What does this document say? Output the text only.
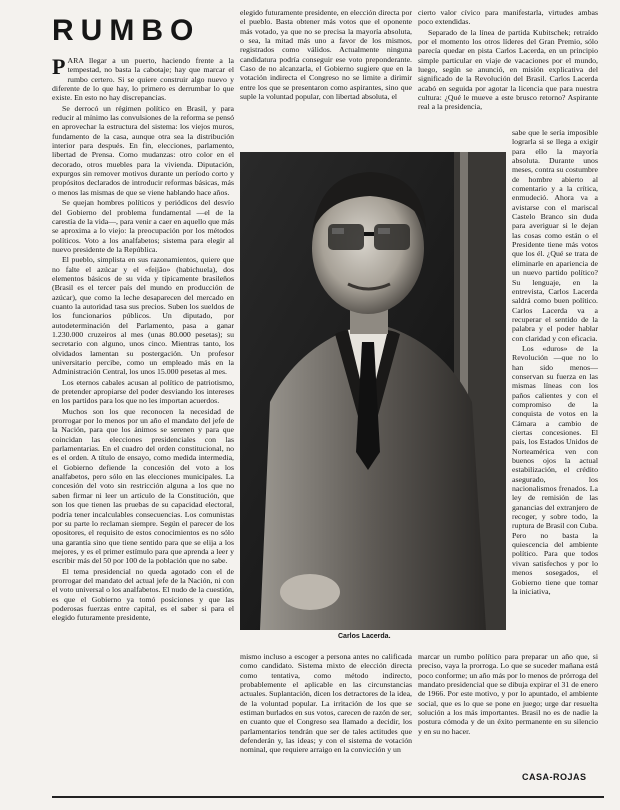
RUMBO
P ARA llegar a un puerto, haciendo frente a la tempestad, no basta la cabotaje; hay que marcar el rumbo certero. Si se quiere construir algo nuevo y diferente de lo que hay, lo primero es derrumbar lo que existe. En esto no hay discrepancias.

Se derrocó un régimen político en Brasil, y para reducir al mínimo las convulsiones de la reforma se pensó en aprovechar la estructura del sistema: los viejos muros, fundamento de la casa, aunque otra sea la distribución interior para después. En fin, elecciones, parlamento, libertad de Prensa. Como mudanzas: otro color en el decorado, otros muebles para la vivienda. Diputación, expurgos sin remover motivos durante un período corto y propósitos declarados de introducir reformas básicas, más o menos las mismas de que se viene hablando hace años.

Se quejan hombres políticos y periódicos del desvío del Gobierno del problema fundamental —el de la carestía de la vida—, para venir a caer en aquello que más se aproxima a lo viejo: la preocupación por los métodos políticos. Voto a los analfabetos; sistema para elegir al nuevo presidente de la República.

El pueblo, simplista en sus razonamientos, quiere que no falte el azúcar y el «feijão» (habichuela), dos elementos básicos de su vida y típicamente brasileños (Brasil es el tercer país del mundo en producción de azúcar), que como la leche desaparecen del mercado en cuanto la autoridad tasa sus precios. Suben los sueldos de los funcionarios públicos. Un diputado, por autodeterminación del Parlamento, pasa a ganar 1.230.000 cruzeiros al mes (unas 80.000 pesetas); su secretario con alguno, unos cinco. Mientras tanto, los olvidados lamentan su postergación. Un profesor universitario percibe, como un empleado más en la Administración Central, los unos 15.000 pesetas al mes.

Los eternos cabales acusan al político de patriotismo, de pretender apropiarse del poder desviando los intereses en los partidos para los que no les importan acuerdos.

Muchos son los que reconocen la necesidad de prorrogar por lo menos por un año el mandato del jefe de la Nación, para que los ánimos se serenen y para que coincidan las elecciones presidenciales con las parlamentarias. En el cuadro del orden constitucional, no es el orden. A título de ensayo, como medida intermedia, el Gobierno defiende la concesión del voto a los analfabetos, pero sólo en las elecciones municipales. La concesión del voto sin restricción alguna a los que no saben firmar ni leer un artículo de la Constitución, que son los que tienen las pruebas de su capacidad electoral, podría tener incalculables consecuencias. Los comunistas por su parte lo reclaman siempre. Según el parecer de los opositores, el requisito de estos conocimientos es no sólo una garantía sino que tiene sentido para que se elija a los mejores, y es el primer estímulo para que aprenda a leer y escribir más del 50 por 100 de la población que no sabe.

El tema presidencial no queda agotado con el de prorrogar del mandato del actual jefe de la Nación, ni con el voto universal o los analfabetos. El nudo de la cuestión, es que el Gobierno ya tomó posiciones y que las poderosas fuerzas entre capital, es el saber si para el elegido futuramente presidente,

elegido futuramente presidente, en elección directa por el pueblo. Basta obtener más votos que el oponente más votado, ya que no se precisa la mayoría absoluta, o sea, la mitad más uno a favor de los mismos, registrados como válidos. Actualmente ninguna candidatura podría conseguir ese voto preponderante. Caso de no alcanzarla, el Gobierno sugiere que en la votación indirecta el Congreso no se limite a dirimir entre los que se presentaron como aspirantes, sino que suple la voluntad popular, con libertad absoluta, el

cierto valor cívico para manifestarla, virtudes ambas poco extendidas.

Separado de la línea de partida Kubitschek; retraído por el momento los otros líderes del Gran Premio, sólo parecía quedar en pista Carlos Lacerda, en un principio simple particular en viaje de vacaciones por el mundo, luego, según se anunció, en misión explicativa del significado de la Revolución del Brasil. Carlos Lacerda acabó en seguida por agotar la licencia que para nuestra cultura: ¿Qué le mueve a este brusco retorno? Aspirante real a la presidencia,

Carlos Lacerda.

sabe que le sería imposible lograrla si se llega a exigir para ello la mayoría absoluta. Durante unos meses, contra su costumbre de hombre abierto al comentario y a la crítica, enmudeció. Ahora va a avistarse con el mariscal Castelo Branco sin duda para averiguar si le dejan las cosas como están o el Presidente tiene más votos que los él. ¿Qué se trata de eliminarle en apariencia de un nuevo partido político? Su lenguaje, en la entrevista, Carlos Lacerda saldrá como buen político. Carlos Lacerda va a recuperar el sentido de la palabra y el poder hablar con claridad y con eficacia.

Los «duros» de la Revolución —que no lo han sido menos— conservan su fuerza en las mismas líneas con los paños calientes y con el compromiso de la conquista de votos en la Cámara a cambio de ciertas concesiones. El país, los Estados Unidos de Norteamérica ven con buenos ojos la actual estabilización, el crédito asegurado, los nacionalismos frenados. La ley de remisión de las ganancias del extranjero de recoger, y sobre todo, la ruptura de Brasil con Cuba. Pero no basta la quiescencia del ambiente político. Para que todos vivan satisfechos y por lo menos sosegados, el Gobierno tiene que tomar la iniciativa,

mismo incluso a escoger a persona antes no calificada como candidato. Sistema mixto de elección directa como tentativa, como método indirecto, probablemente el aplicable en las circunstancias actuales. Suplantación, dicen los detractores de la idea, de la voluntad popular. La irritación de los que se estiman burlados en sus votos, carecen de razón de ser, en cuanto que el Congreso sea llamado a decidir, los parlamentarios tendrán que ser de tales actitudes que defenderán y, las ideas; y con el sistema de votación nominal, que requiere arraigo en la convicción y un

marcar un rumbo político para preparar un año que, si preciso, vaya la prorroga. Lo que se suceder mañana está poco conforme; un año más por lo menos de prórroga del mandato presidencial que se dibuja expirar el 31 de enero de 1966. Por este motivo, y por lo apuntado, el ambiente social, que es lo que se pone en juego; urge dar resuelta solución a los más importantes. Brasil no es de nadie la postura cómoda y de un éxito permanente en su silencio y en su no hacer.

CASA-ROJAS
